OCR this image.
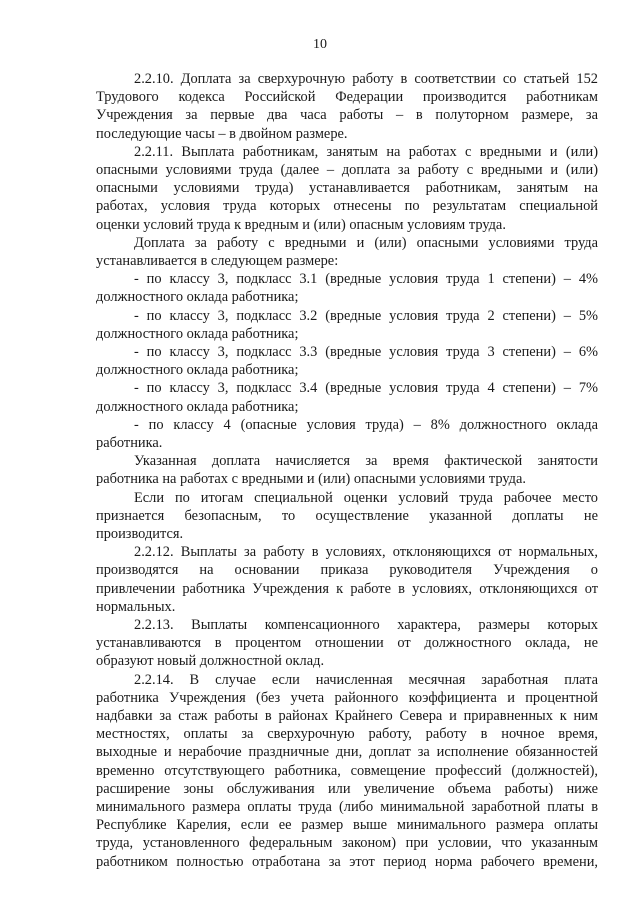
10
2.2.10. Доплата за сверхурочную работу в соответствии со статьей 152
Трудового кодекса Российской Федерации производится работникам
Учреждения за первые два часа работы – в полуторном размере, за
последующие часы – в двойном размере.
2.2.11. Выплата работникам, занятым на работах с вредными и (или)
опасными условиями труда (далее – доплата за работу с вредными и (или)
опасными условиями труда) устанавливается работникам, занятым на
работах, условия труда которых отнесены по результатам специальной
оценки условий труда к вредным и (или) опасным условиям труда.
Доплата за работу с вредными и (или) опасными условиями труда
устанавливается в следующем размере:
- по классу 3, подкласс 3.1 (вредные условия труда 1 степени) – 4%
должностного оклада работника;
- по классу 3, подкласс 3.2 (вредные условия труда 2 степени) – 5%
должностного оклада работника;
- по классу 3, подкласс 3.3 (вредные условия труда 3 степени) – 6%
должностного оклада работника;
- по классу 3, подкласс 3.4 (вредные условия труда 4 степени) – 7%
должностного оклада работника;
- по классу 4 (опасные условия труда) – 8% должностного оклада
работника.
Указанная доплата начисляется за время фактической занятости
работника на работах с вредными и (или) опасными условиями труда.
Если по итогам специальной оценки условий труда рабочее место
признается безопасным, то осуществление указанной доплаты не
производится.
2.2.12. Выплаты за работу в условиях, отклоняющихся от нормальных,
производятся на основании приказа руководителя Учреждения о
привлечении работника Учреждения к работе в условиях, отклоняющихся от
нормальных.
2.2.13. Выплаты компенсационного характера, размеры которых
устанавливаются в процентом отношении от должностного оклада, не
образуют новый должностной оклад.
2.2.14. В случае если начисленная месячная заработная плата
работника Учреждения (без учета районного коэффициента и процентной
надбавки за стаж работы в районах Крайнего Севера и приравненных к ним
местностях, оплаты за сверхурочную работу, работу в ночное время,
выходные и нерабочие праздничные дни, доплат за исполнение обязанностей
временно отсутствующего работника, совмещение профессий (должностей),
расширение зоны обслуживания или увеличение объема работы) ниже
минимального размера оплаты труда (либо минимальной заработной платы в
Республике Карелия, если ее размер выше минимального размера оплаты
труда, установленного федеральным законом) при условии, что указанным
работником полностью отработана за этот период норма рабочего времени,
